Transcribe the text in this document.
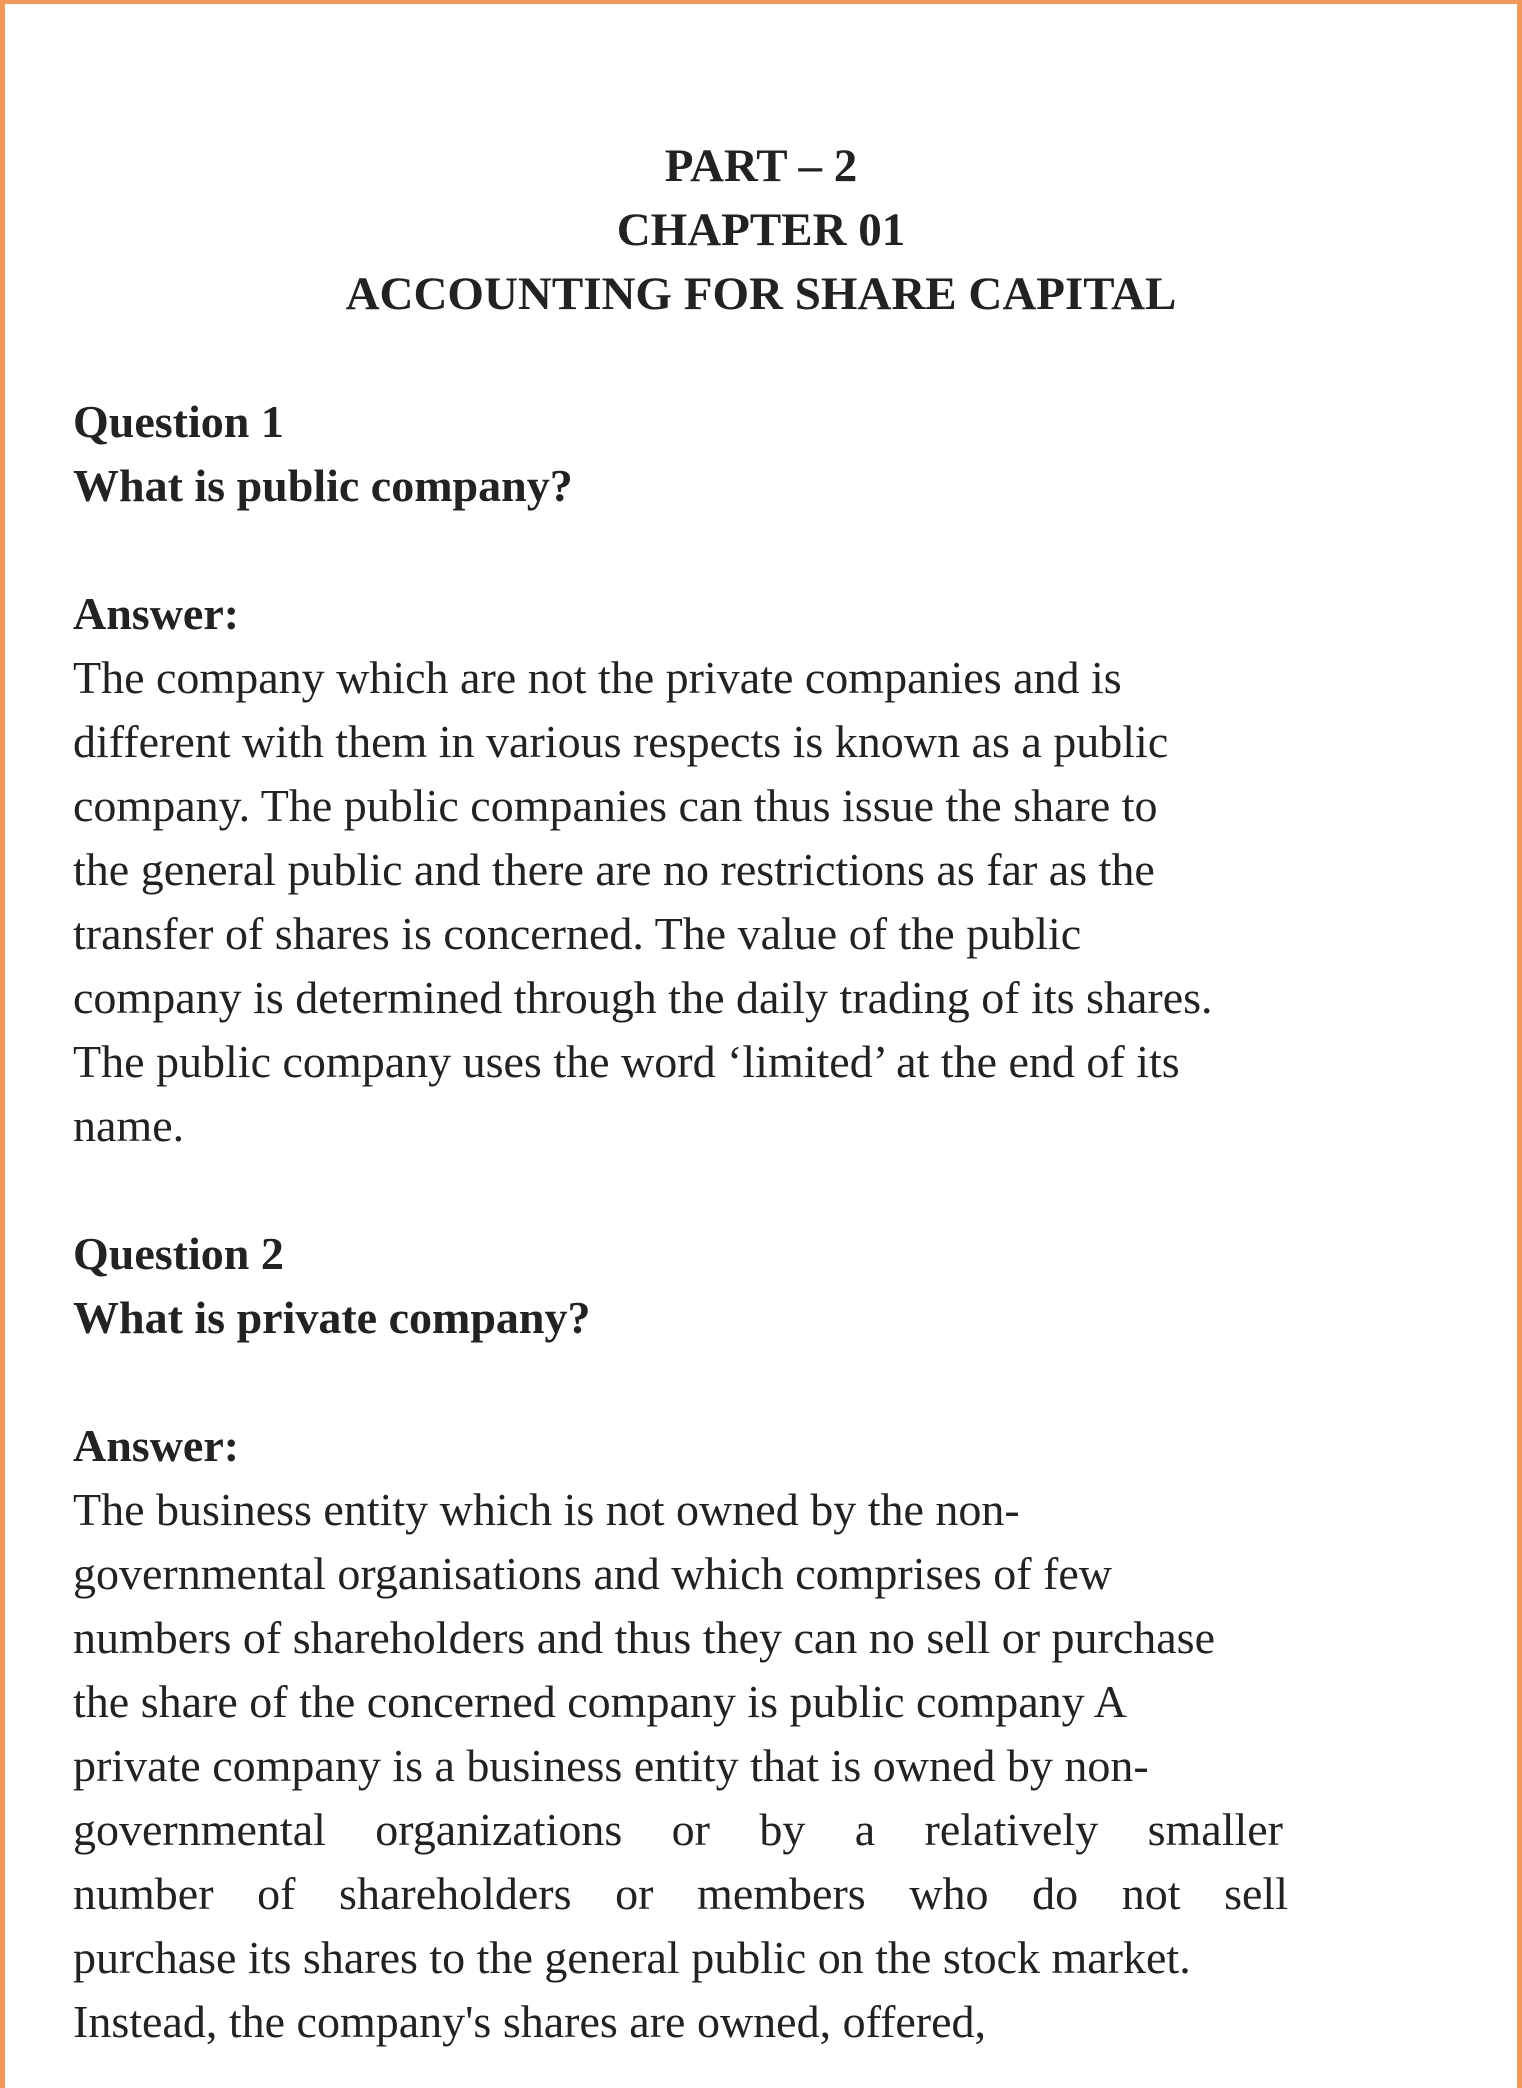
PART – 2
CHAPTER 01
ACCOUNTING FOR SHARE CAPITAL
Question 1
What is public company?
Answer:
The company which are not the private companies and is
different with them in various respects is known as a public
company. The public companies can thus issue the share to
the general public and there are no restrictions as far as the
transfer of shares is concerned. The value of the public
company is determined through the daily trading of its shares.
The public company uses the word ‘limited’ at the end of its
name.
Question 2
What is private company?
Answer:
The business entity which is not owned by the non-
governmental organisations and which comprises of few
numbers of shareholders and thus they can no sell or purchase
the share of the concerned company is public company A
private company is a business entity that is owned by non-
governmental organizations or by a relatively smaller
number of shareholders or members who do not sell
purchase its shares to the general public on the stock market.
Instead, the company's shares are owned, offered,
